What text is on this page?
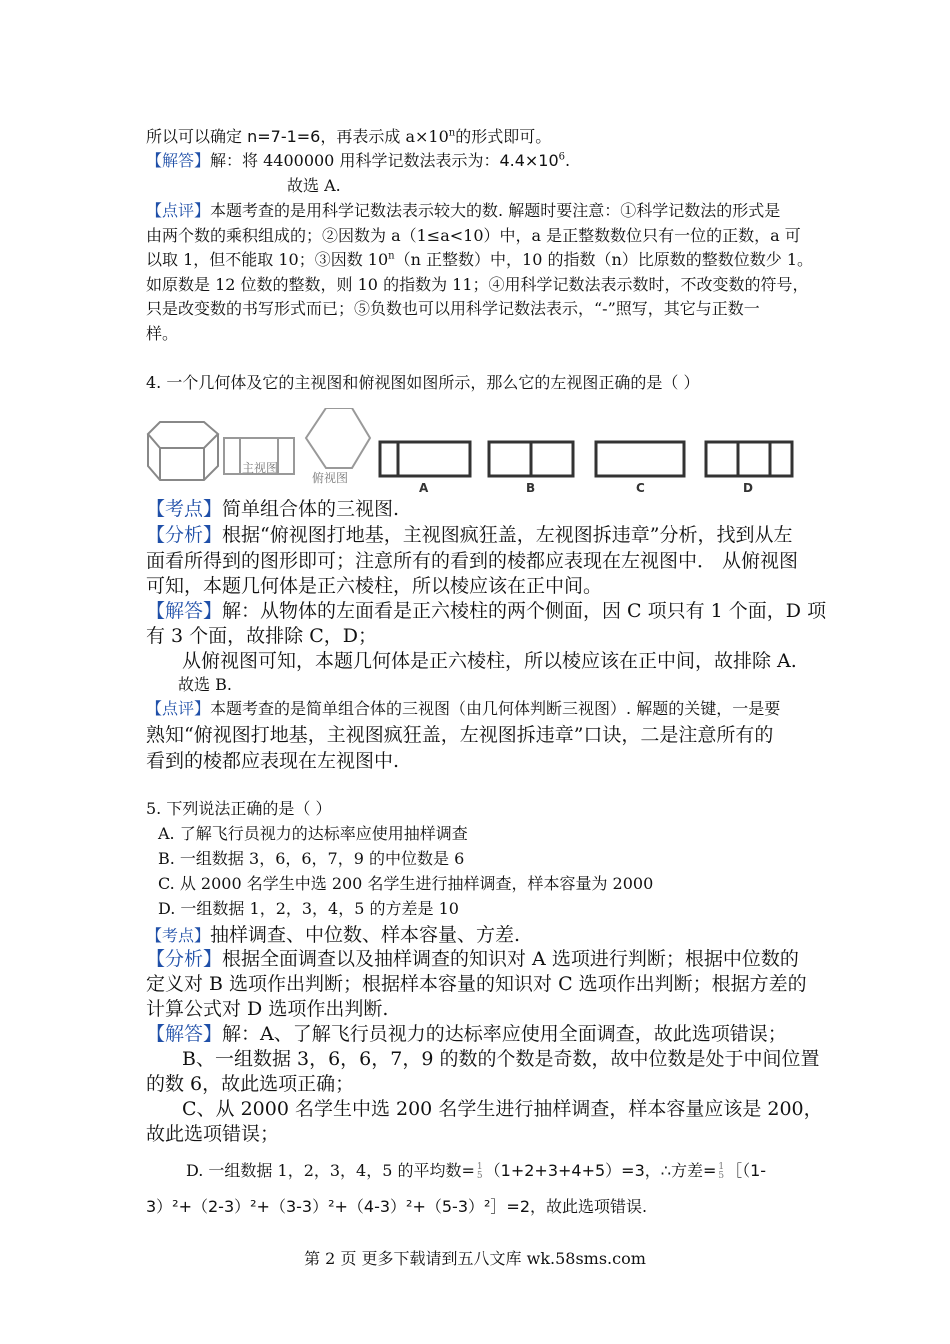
所以可以确定 n=7-1=6，再表示成 $a\times 10^n$的形式即可。
【解答】解：将 4400000 用科学记数法表示为：$4.4\times 10^6$.
故选 A.
【点评】本题考查的是用科学记数法表示较大的数. 解题时要注意：①科学记数法的形式是
由两个数的乘积组成的；②因数为 a（1≤a<10）中，a 是正整数数位只有一位的正数，a 可
以取 1，但不能取 10；③因数 10$^n$（n 正整数）中，10 的指数（n）比原数的整数位数少 1。
如原数是 12 位数的整数，则 10 的指数为 11；④用科学记数法表示数时，不改变数的符号，
只是改变数的书写形式而已；⑤负数也可以用科学记数法表示，“-”照写，其它与正数一
样。
4. 一个几何体及它的主视图和俯视图如图所示，那么它的左视图正确的是（ ）
主视图
俯视图
A	B	C	D
【考点】简单组合体的三视图.
【分析】根据“俯视图打地基，主视图疯狂盖，左视图拆违章”分析，找到从左
面看所得到的图形即可；注意所有的看到的棱都应表现在左视图中． 从俯视图
可知，本题几何体是正六棱柱，所以棱应该在正中间。
【解答】解：从物体的左面看是正六棱柱的两个侧面，因 C 项只有 1 个面，D 项
有 3 个面，故排除 C，D；
从俯视图可知，本题几何体是正六棱柱，所以棱应该在正中间，故排除 A.
故选 B.
【点评】本题考查的是简单组合体的三视图（由几何体判断三视图）. 解题的关键，一是要
熟知“俯视图打地基，主视图疯狂盖，左视图拆违章”口诀，二是注意所有的
看到的棱都应表现在左视图中.
5. 下列说法正确的是（ ）
A. 了解飞行员视力的达标率应使用抽样调查
B. 一组数据 3，6，6，7，9 的中位数是 6
C. 从 2000 名学生中选 200 名学生进行抽样调查，样本容量为 2000
D. 一组数据 1，2，3，4，5 的方差是 10
【考点】抽样调查、中位数、样本容量、方差.
【分析】根据全面调查以及抽样调查的知识对 A 选项进行判断；根据中位数的
定义对 B 选项作出判断；根据样本容量的知识对 C 选项作出判断；根据方差的
计算公式对 D 选项作出判断.
【解答】解：A、了解飞行员视力的达标率应使用全面调查，故此选项错误；
B、一组数据 3，6，6，7，9 的数的个数是奇数，故中位数是处于中间位置
的数 6，故此选项正确；
C、从 2000 名学生中选 200 名学生进行抽样调查，样本容量应该是 200，
故此选项错误；
D. 一组数据 1，2，3，4，5 的平均数= 1
5 （1+2+3+4+5）=3，∴方差= 1
5 ［（1-
3）²+（2-3）²+（3-3）²+（4-3）²+（5-3）²］=2，故此选项错误.
第 2 页 更多下载请到五八文库 wk.58sms.com
